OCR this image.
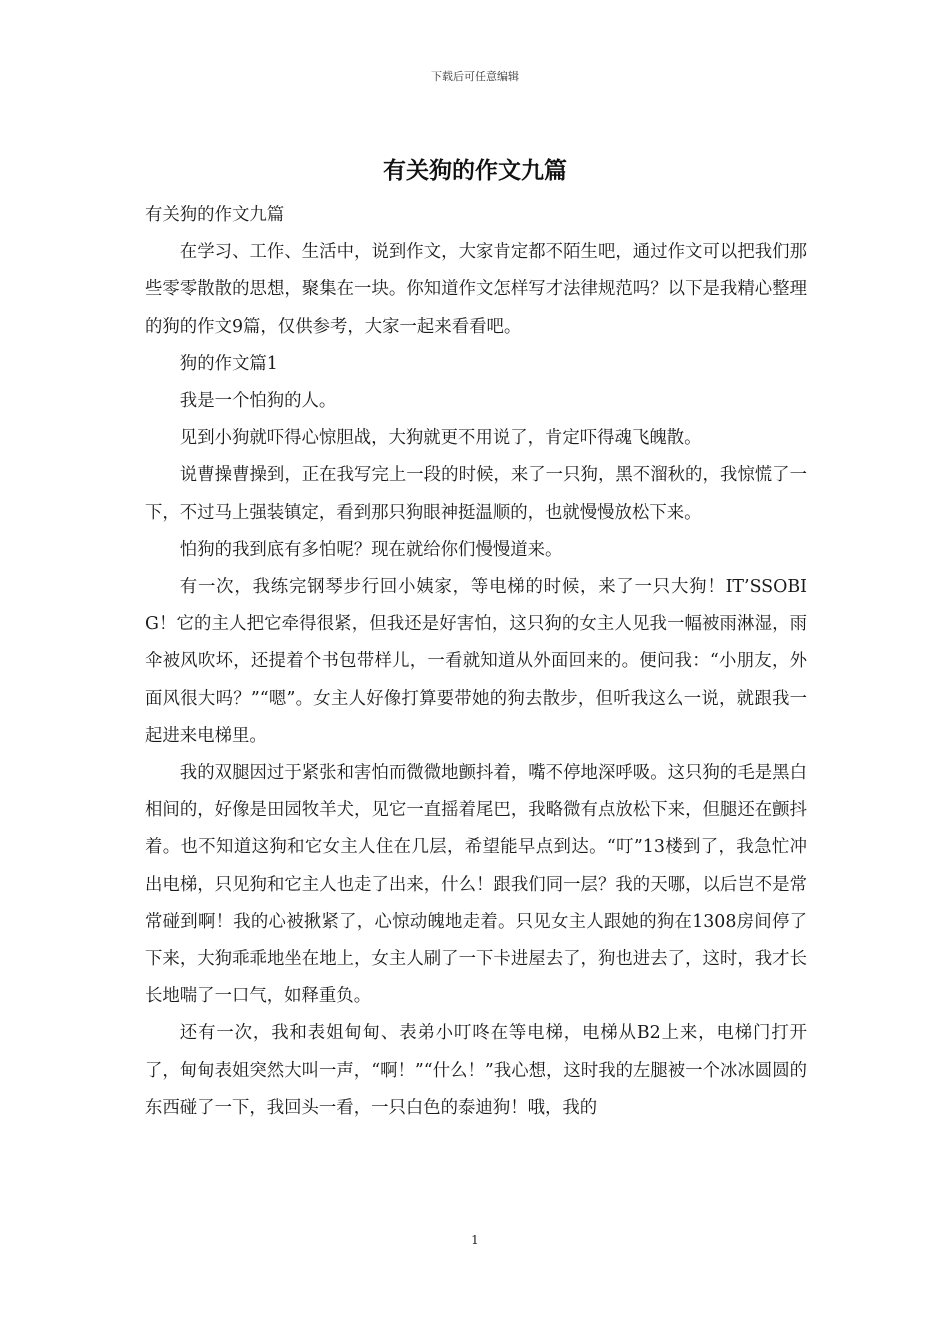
下载后可任意编辑
有关狗的作文九篇

有关狗的作文九篇

在学习、工作、生活中，说到作文，大家肯定都不陌生吧，通过作文可以把我们那些零零散散的思想，聚集在一块。你知道作文怎样写才法律规范吗？以下是我精心整理的狗的作文9篇，仅供参考，大家一起来看看吧。

狗的作文篇1

我是一个怕狗的人。

见到小狗就吓得心惊胆战，大狗就更不用说了，肯定吓得魂飞魄散。

说曹操曹操到，正在我写完上一段的时候，来了一只狗，黑不溜秋的，我惊慌了一下，不过马上强装镇定，看到那只狗眼神挺温顺的，也就慢慢放松下来。

怕狗的我到底有多怕呢？现在就给你们慢慢道来。

有一次，我练完钢琴步行回小姨家，等电梯的时候，来了一只大狗！IT’SSOBIG！它的主人把它牵得很紧，但我还是好害怕，这只狗的女主人见我一幅被雨淋湿，雨伞被风吹坏，还提着个书包带样儿，一看就知道从外面回来的。便问我：“小朋友，外面风很大吗？”“嗯”。女主人好像打算要带她的狗去散步，但听我这么一说，就跟我一起进来电梯里。

我的双腿因过于紧张和害怕而微微地颤抖着，嘴不停地深呼吸。这只狗的毛是黑白相间的，好像是田园牧羊犬，见它一直摇着尾巴，我略微有点放松下来，但腿还在颤抖着。也不知道这狗和它女主人住在几层，希望能早点到达。“叮”13楼到了，我急忙冲出电梯，只见狗和它主人也走了出来，什么！跟我们同一层？我的天哪，以后岂不是常常碰到啊！我的心被揪紧了，心惊动魄地走着。只见女主人跟她的狗在1308房间停了下来，大狗乖乖地坐在地上，女主人刷了一下卡进屋去了，狗也进去了，这时，我才长长地喘了一口气，如释重负。

还有一次，我和表姐甸甸、表弟小叮咚在等电梯，电梯从B2上来，电梯门打开了，甸甸表姐突然大叫一声，“啊！”“什么！”我心想，这时我的左腿被一个冰冰圆圆的东西碰了一下，我回头一看，一只白色的泰迪狗！哦，我的

1
